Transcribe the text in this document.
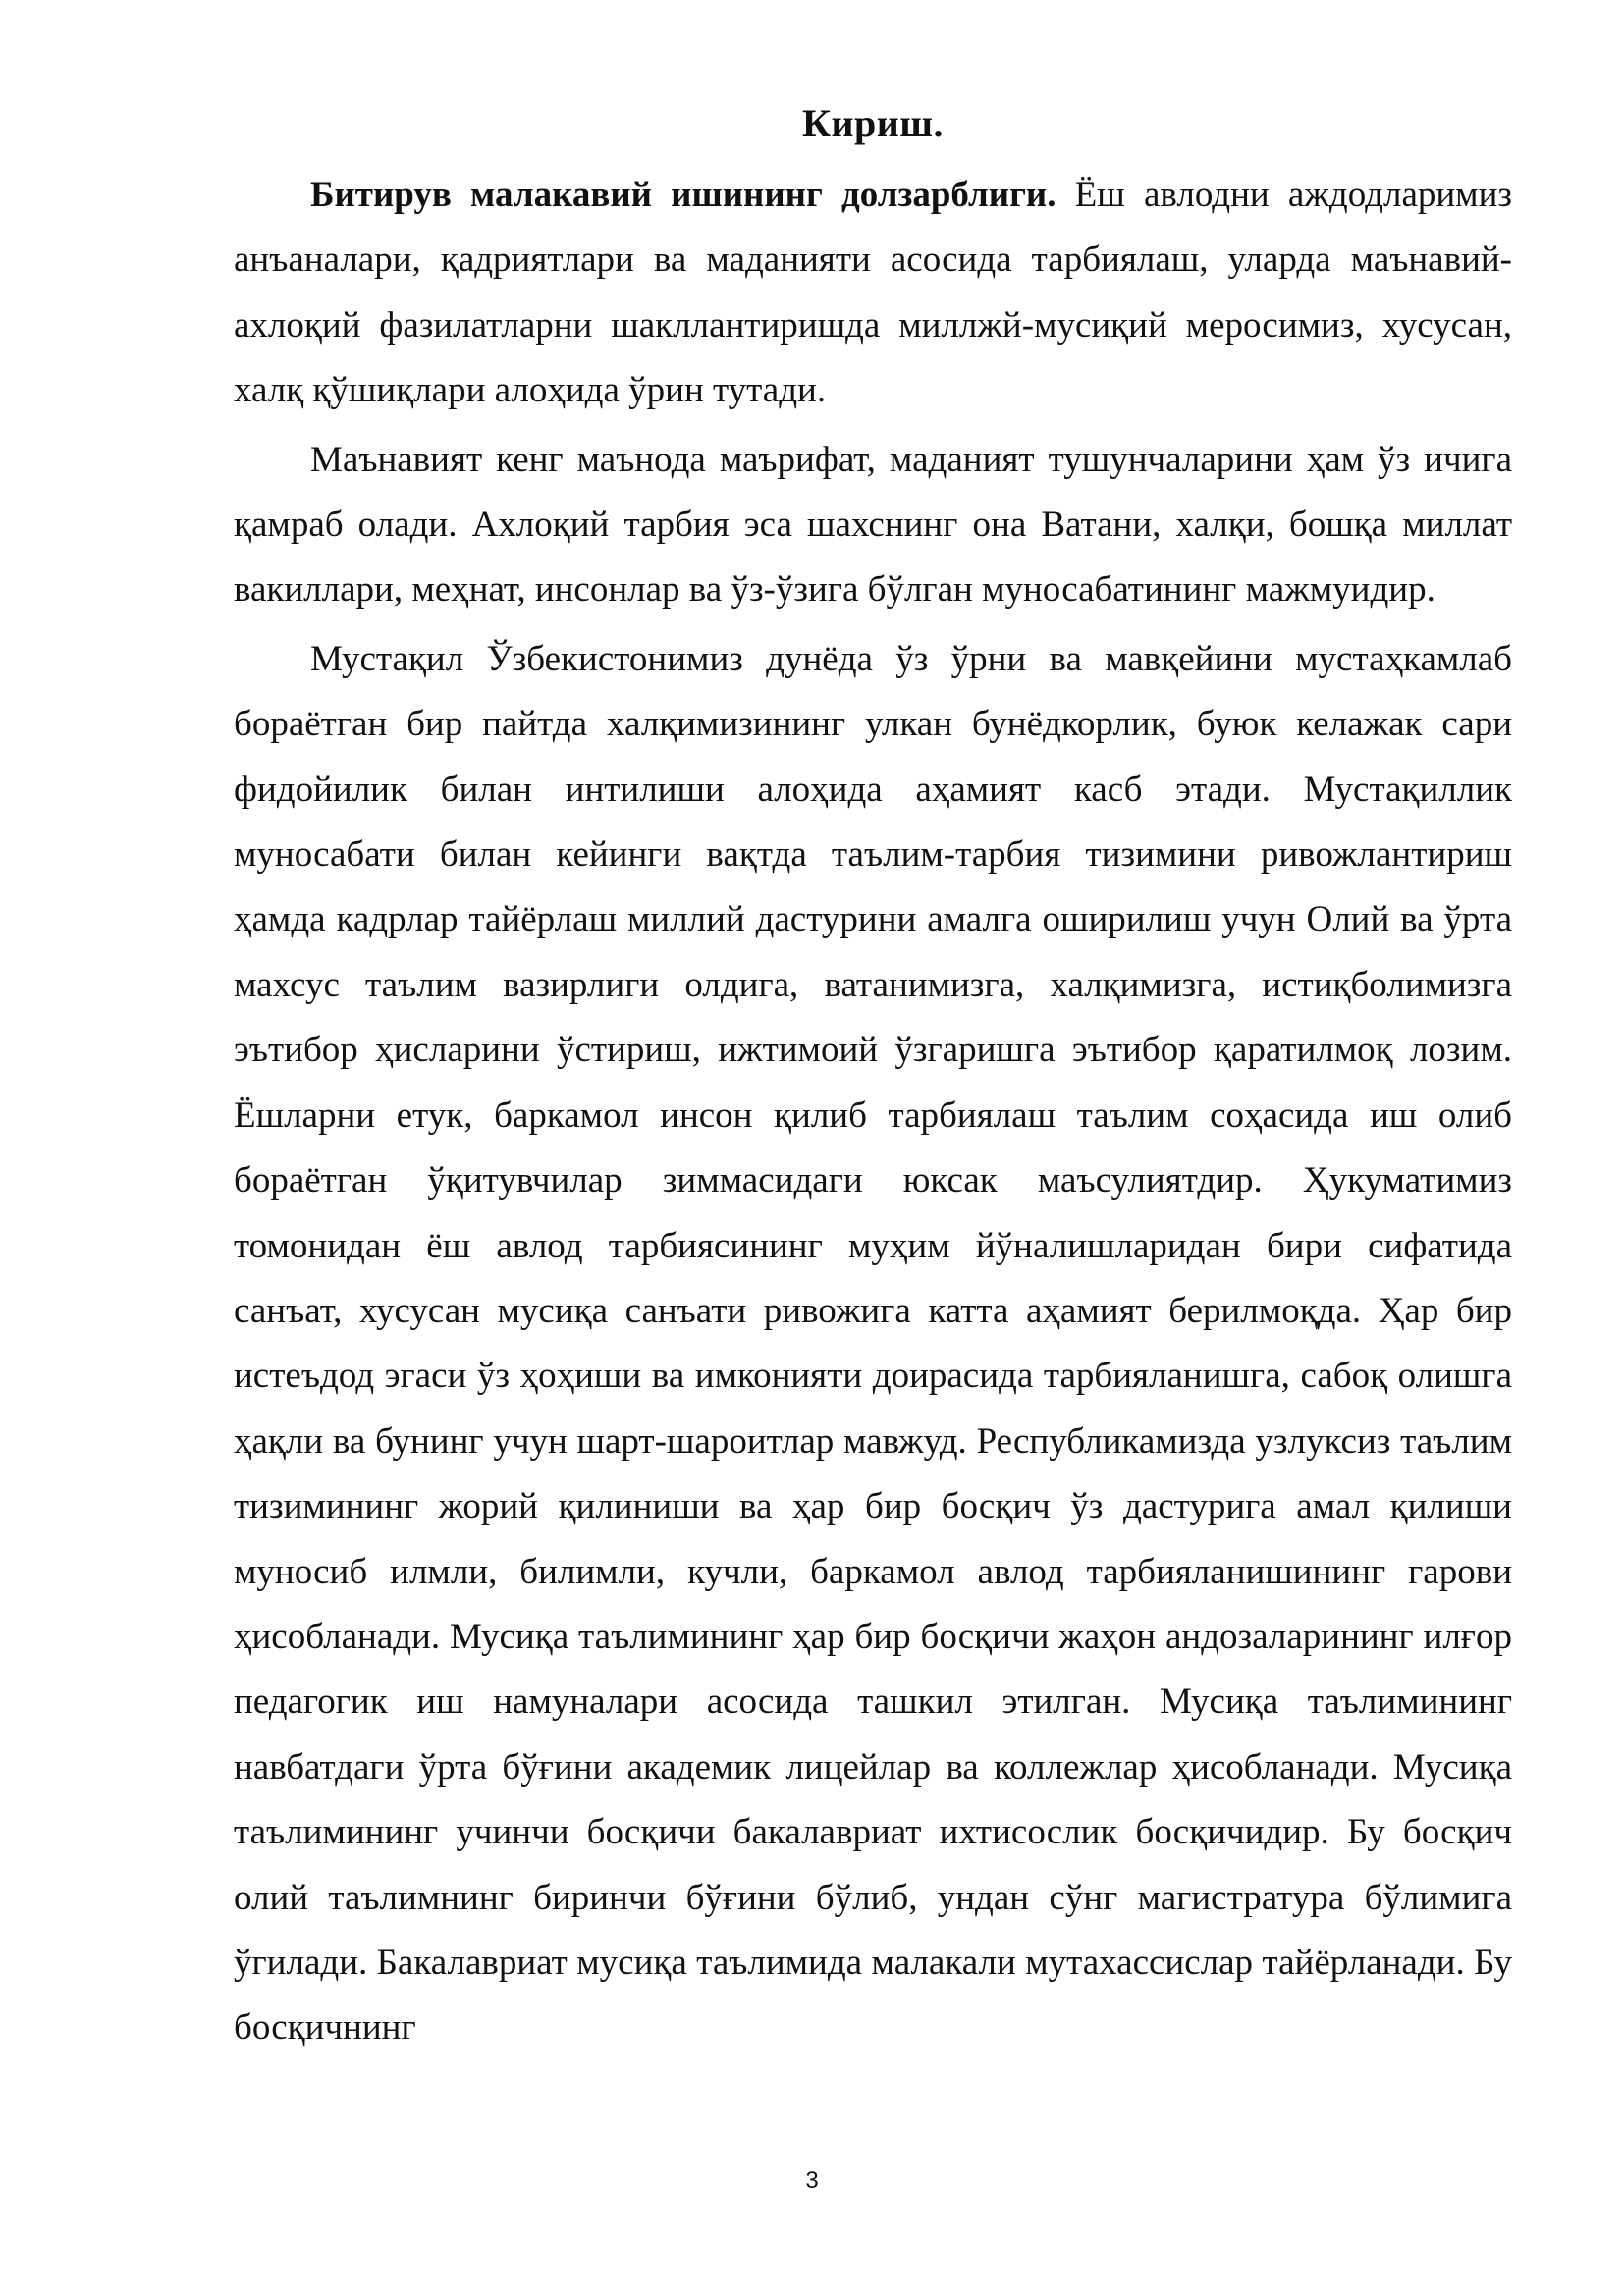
Кириш.

Битирув малакавий ишининг долзарблиги. Ёш авлодни аждодларимиз анъаналари, қадриятлари ва маданияти асосида тарбиялаш, уларда маънавий-ахлоқий фазилатларни шакллантиришда миллжй-мусиқий меросимиз, хусусан, халқ қўшиқлари алоҳида ўрин тутади.

Маънавият кенг маънода маърифат, маданият тушунчаларини ҳам ўз ичига қамраб олади. Ахлоқий тарбия эса шахснинг она Ватани, халқи, бошқа миллат вакиллари, меҳнат, инсонлар ва ўз-ўзига бўлган муносабатининг мажмуидир.

Мустақил Ўзбекистонимиз дунёда ўз ўрни ва мавқейини мустаҳкамлаб бораётган бир пайтда халқимизининг улкан бунёдкорлик, буюк келажак сари фидойилик билан интилиши алоҳида аҳамият касб этади. Мустақиллик муносабати билан кейинги вақтда таълим-тарбия тизимини ривожлантириш ҳамда кадрлар тайёрлаш миллий дастурини амалга оширилиш учун Олий ва ўрта махсус таълим вазирлиги олдига, ватанимизга, халқимизга, истиқболимизга эътибор ҳисларини ўстириш, ижтимоий ўзгаришга эътибор қаратилмоқ лозим. Ёшларни етук, баркамол инсон қилиб тарбиялаш таълим соҳасида иш олиб бораётган ўқитувчилар зиммасидаги юксак маъсулиятдир. Ҳукуматимиз томонидан ёш авлод тарбиясининг муҳим йўналишларидан бири сифатида санъат, хусусан мусиқа санъати ривожига катта аҳамият берилмоқда. Ҳар бир истеъдод эгаси ўз ҳоҳиши ва имконияти доирасида тарбияланишга, сабоқ олишга ҳақли ва бунинг учун шарт-шароитлар мавжуд. Республикамизда узлуксиз таълим тизимининг жорий қилиниши ва ҳар бир босқич ўз дастурига амал қилиши муносиб илмли, билимли, кучли, баркамол авлод тарбияланишининг гарови ҳисобланади. Мусиқа таълимининг ҳар бир босқичи жаҳон андозаларининг илғор педагогик иш намуналари асосида ташкил этилган. Мусиқа таълимининг навбатдаги ўрта бўғини академик лицейлар ва коллежлар ҳисобланади. Мусиқа таълимининг учинчи босқичи бакалавриат ихтисослик босқичидир. Бу босқич олий таълимнинг биринчи бўғини бўлиб, ундан сўнг магистратура бўлимига ўгилади. Бакалавриат мусиқа таълимида малакали мутахассислар тайёрланади. Бу босқичнинг

3
